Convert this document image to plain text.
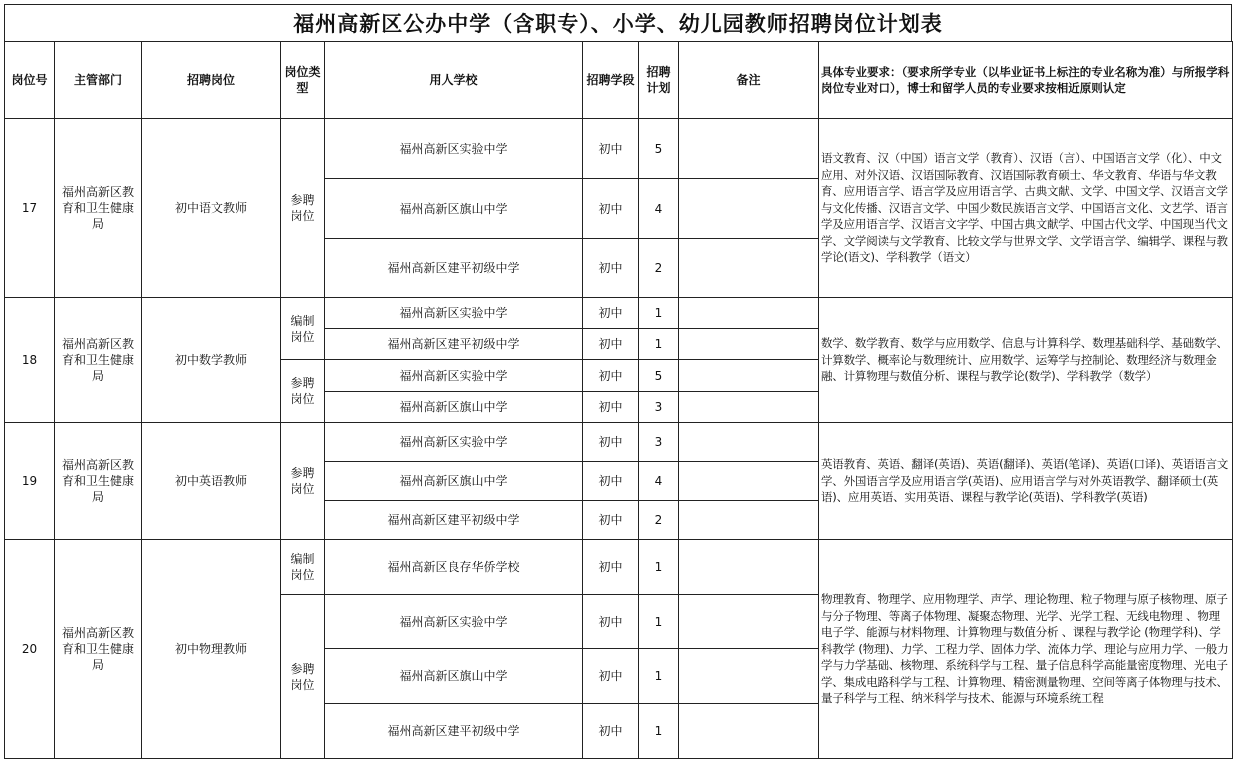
福州高新区公办中学（含职专）、小学、幼儿园教师招聘岗位计划表
岗位号	主管部门	招聘岗位	岗位类型	用人学校	招聘学段	招聘计划	备注	具体专业要求：（要求所学专业（以毕业证书上标注的专业名称为准）与所报学科岗位专业对口），博士和留学人员的专业要求按相近原则认定
17	福州高新区教育和卫生健康局	初中语文教师	参聘岗位	福州高新区实验中学	初中	5		语文教育、汉（中国）语言文学（教育）、汉语（言）、中国语言文学（化）、中文应用、对外汉语、汉语国际教育、汉语国际教育硕士、华文教育、华语与华文教育、应用语言学、语言学及应用语言学、古典文献、文学、中国文学、汉语言文学与文化传播、汉语言文学、中国少数民族语言文学、中国语言文化、文艺学、语言学及应用语言学、汉语言文字学、中国古典文献学、中国古代文学、中国现当代文学、文学阅读与文学教育、比较文学与世界文学、文学语言学、编辑学、课程与教学论(语文)、学科教学（语文）
				福州高新区旗山中学	初中	4		
				福州高新区建平初级中学	初中	2		
18	福州高新区教育和卫生健康局	初中数学教师	编制岗位	福州高新区实验中学	初中	1		数学、数学教育、数学与应用数学、信息与计算科学、数理基础科学、基础数学、计算数学、概率论与数理统计、应用数学、运筹学与控制论、数理经济与数理金融、计算物理与数值分析、课程与教学论(数学)、学科教学（数学）
				福州高新区建平初级中学	初中	1		
			参聘岗位	福州高新区实验中学	初中	5		
				福州高新区旗山中学	初中	3		
19	福州高新区教育和卫生健康局	初中英语教师	参聘岗位	福州高新区实验中学	初中	3		英语教育、英语、翻译(英语)、英语(翻译)、英语(笔译)、英语(口译)、英语语言文学、外国语言学及应用语言学(英语)、应用语言学与对外英语教学、翻译硕士(英语)、应用英语、实用英语、课程与教学论(英语)、学科教学(英语)
				福州高新区旗山中学	初中	4		
				福州高新区建平初级中学	初中	2		
20	福州高新区教育和卫生健康局	初中物理教师	编制岗位	福州高新区良存华侨学校	初中	1		物理教育、物理学、应用物理学、声学、理论物理、粒子物理与原子核物理、原子与分子物理、等离子体物理、凝聚态物理、光学、光学工程、无线电物理 、物理电子学、能源与材料物理、计算物理与数值分析 、课程与教学论 (物理学科)、学科教学 (物理)、力学、工程力学、固体力学、流体力学、理论与应用力学、一般力学与力学基础、核物理、系统科学与工程、量子信息科学高能量密度物理、光电子学、集成电路科学与工程、计算物理、精密测量物理、空间等离子体物理与技术、量子科学与工程、纳米科学与技术、能源与环境系统工程
			参聘岗位	福州高新区实验中学	初中	1		
				福州高新区旗山中学	初中	1		
				福州高新区建平初级中学	初中	1		
